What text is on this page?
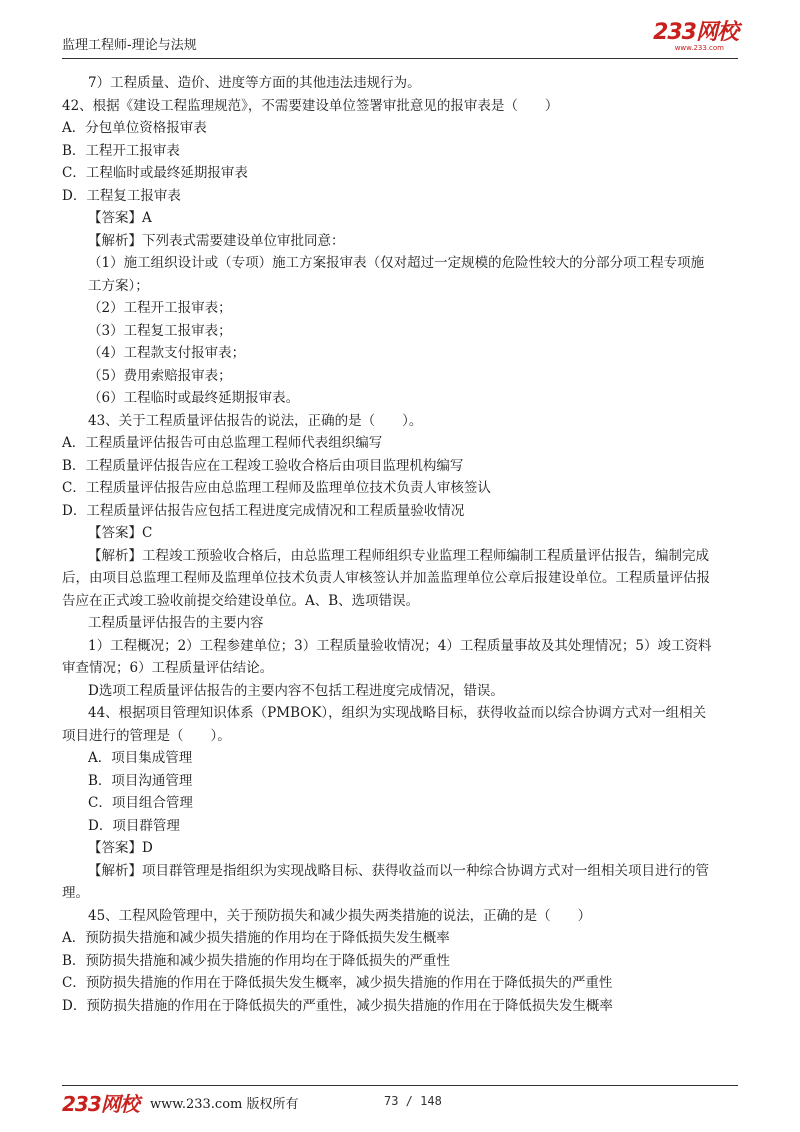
监理工程师-理论与法规
233网校
www.233.com
7）工程质量、造价、进度等方面的其他违法违规行为。
42、根据《建设工程监理规范》，不需要建设单位签署审批意见的报审表是（　　）
A．分包单位资格报审表
B．工程开工报审表
C．工程临时或最终延期报审表
D．工程复工报审表
【答案】A
【解析】下列表式需要建设单位审批同意：
（1）施工组织设计或（专项）施工方案报审表（仅对超过一定规模的危险性较大的分部分项工程专项施工方案）；
（2）工程开工报审表；
（3）工程复工报审表；
（4）工程款支付报审表；
（5）费用索赔报审表；
（6）工程临时或最终延期报审表。
43、关于工程质量评估报告的说法，正确的是（　　）。
A．工程质量评估报告可由总监理工程师代表组织编写
B．工程质量评估报告应在工程竣工验收合格后由项目监理机构编写
C．工程质量评估报告应由总监理工程师及监理单位技术负责人审核签认
D．工程质量评估报告应包括工程进度完成情况和工程质量验收情况
【答案】C
【解析】工程竣工预验收合格后，由总监理工程师组织专业监理工程师编制工程质量评估报告，编制完成后，由项目总监理工程师及监理单位技术负责人审核签认并加盖监理单位公章后报建设单位。工程质量评估报告应在正式竣工验收前提交给建设单位。A、B、选项错误。
工程质量评估报告的主要内容
1）工程概况；2）工程参建单位；3）工程质量验收情况；4）工程质量事故及其处理情况；5）竣工资料审查情况；6）工程质量评估结论。
D选项工程质量评估报告的主要内容不包括工程进度完成情况，错误。
44、根据项目管理知识体系（PMBOK），组织为实现战略目标，获得收益而以综合协调方式对一组相关项目进行的管理是（　　）。
A．项目集成管理
B．项目沟通管理
C．项目组合管理
D．项目群管理
【答案】D
【解析】项目群管理是指组织为实现战略目标、获得收益而以一种综合协调方式对一组相关项目进行的管理。
45、工程风险管理中，关于预防损失和减少损失两类措施的说法，正确的是（　　）
A．预防损失措施和减少损失措施的作用均在于降低损失发生概率
B．预防损失措施和减少损失措施的作用均在于降低损失的严重性
C．预防损失措施的作用在于降低损失发生概率，减少损失措施的作用在于降低损失的严重性
D．预防损失措施的作用在于降低损失的严重性，减少损失措施的作用在于降低损失发生概率
233网校 www.233.com 版权所有	73 / 148
